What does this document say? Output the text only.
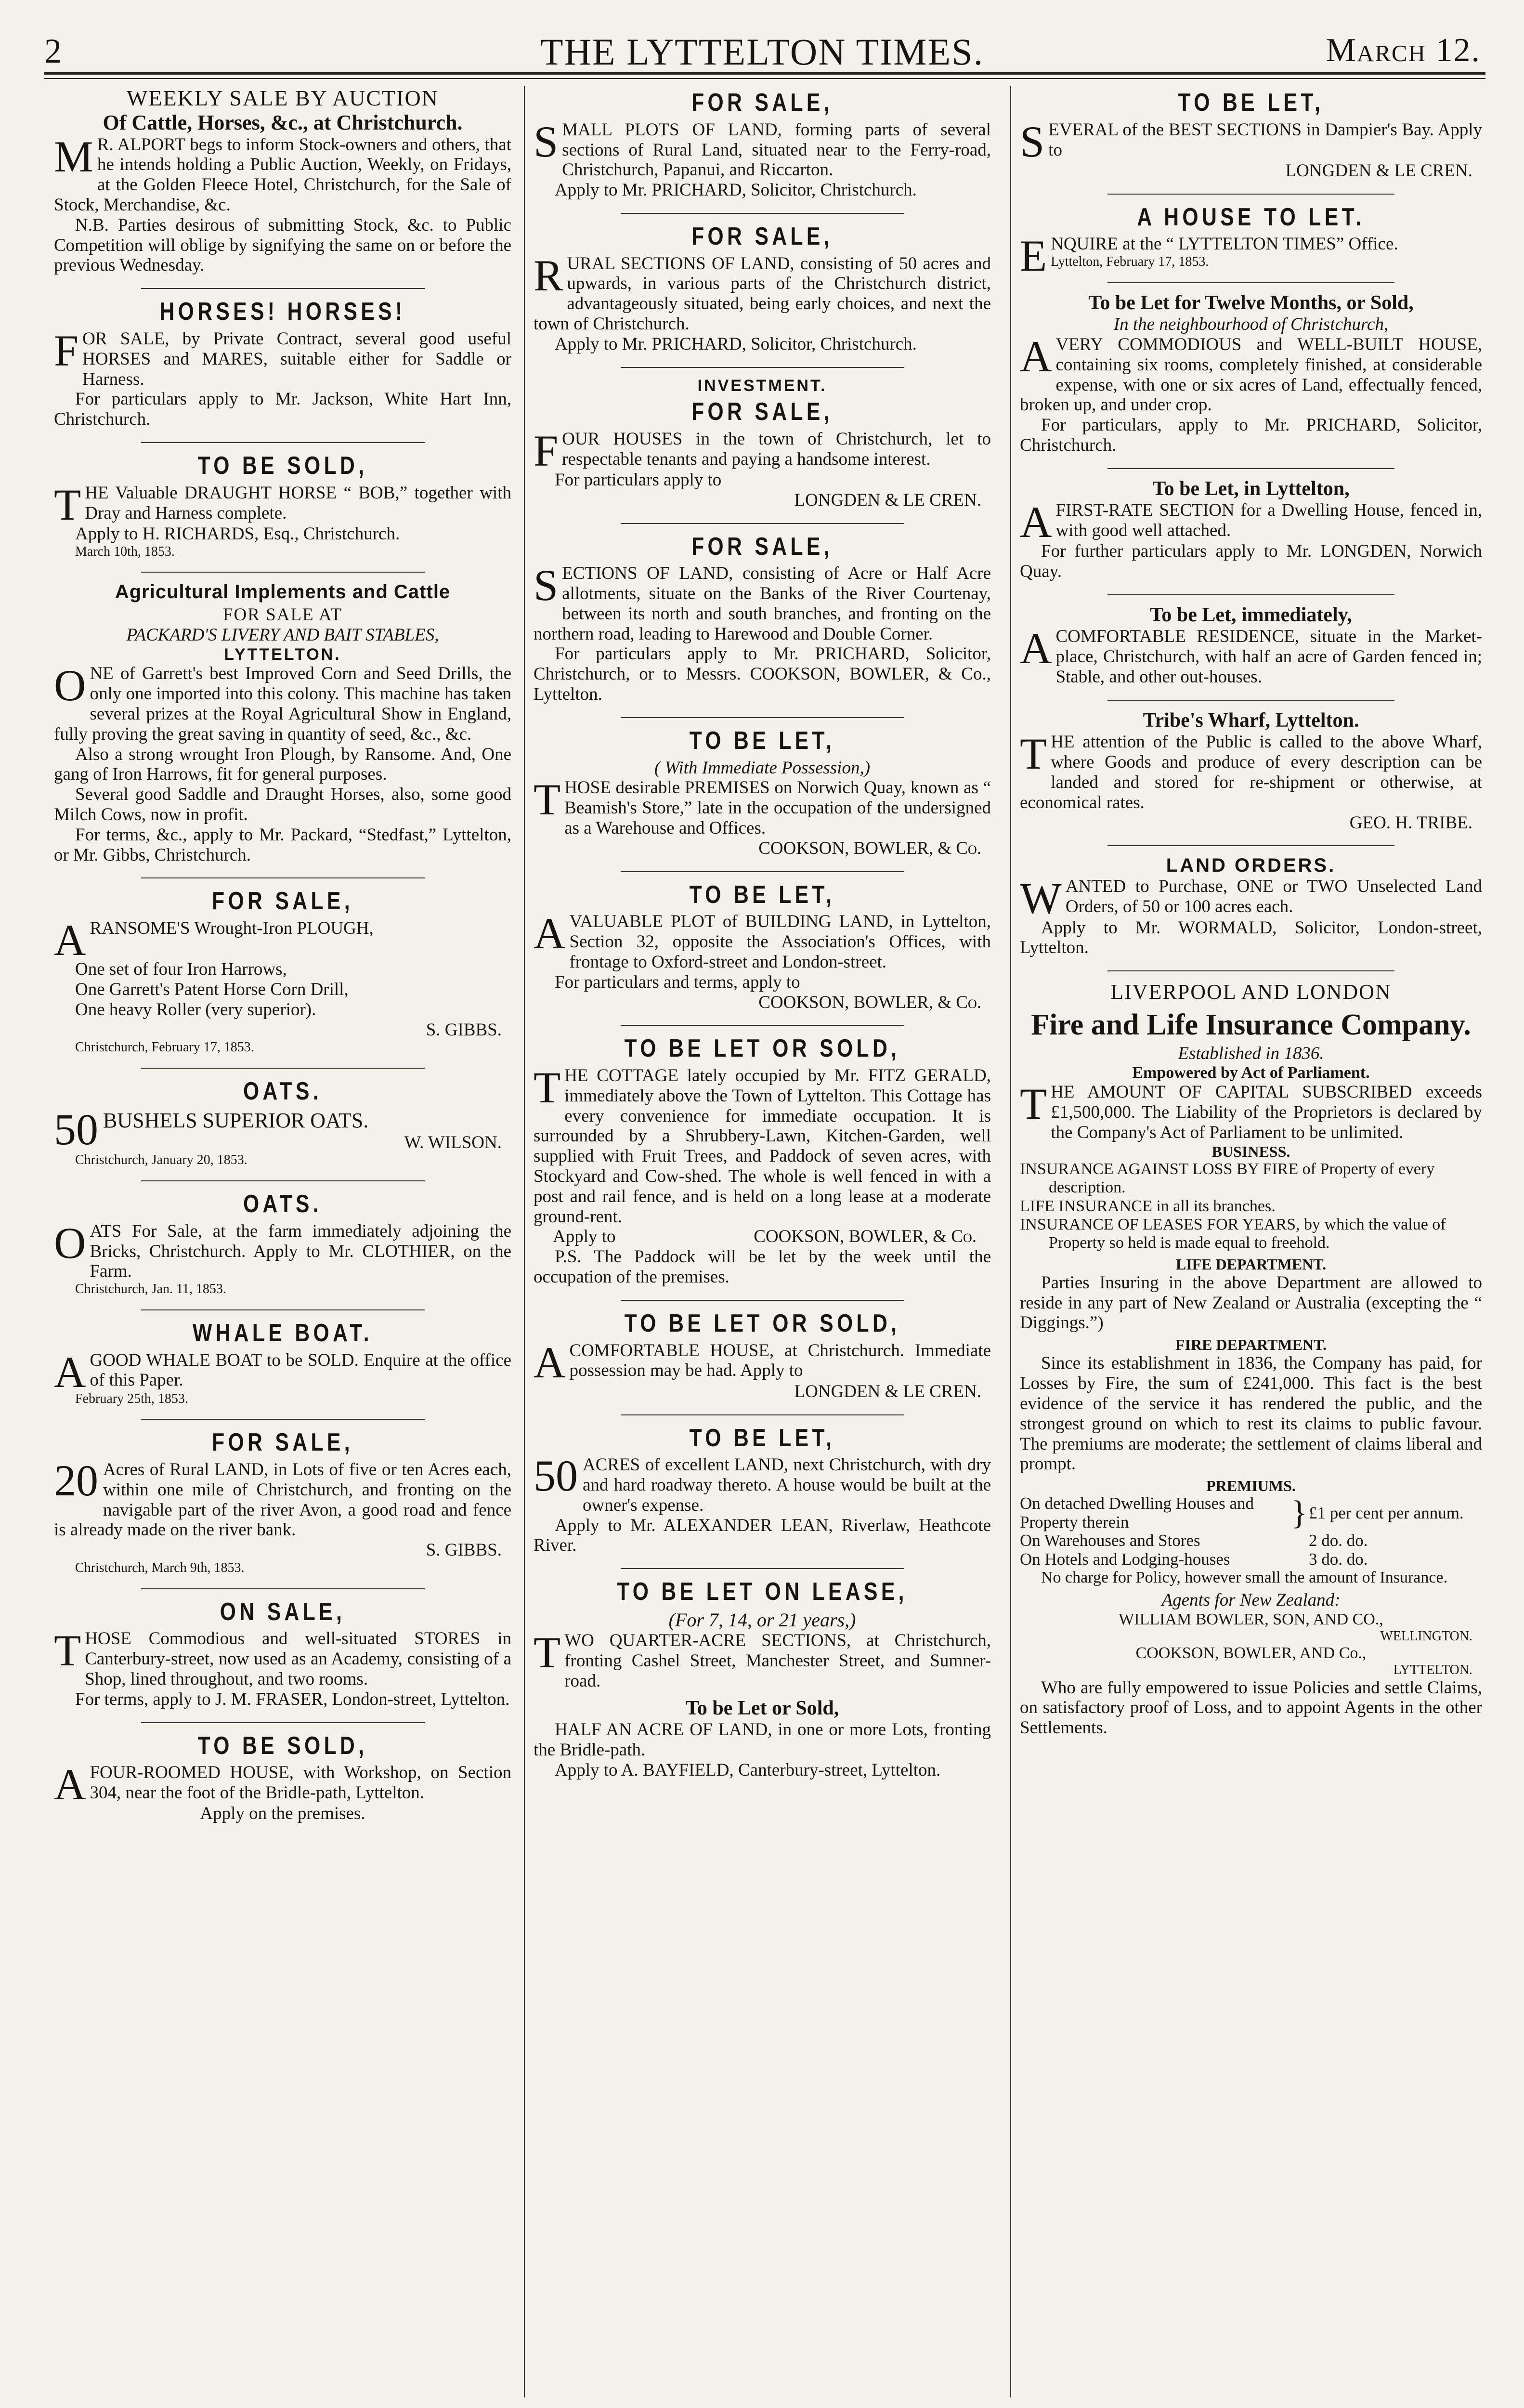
2	THE LYTTELTON TIMES.	March 12.
WEEKLY SALE BY AUCTION
Of Cattle, Horses, &c., at Christchurch.
M R. ALPORT begs to inform Stock-owners and others, that he intends holding a Public Auction, Weekly, on Fridays, at the Golden Fleece Hotel, Christchurch, for the Sale of Stock, Merchandise, &c.

N.B. Parties desirous of submitting Stock, &c. to Public Competition will oblige by signifying the same on or before the previous Wednesday.

HORSES! HORSES!
FOR SALE, by Private Contract, several good useful HORSES and MARES, suitable either for Saddle or Harness.

For particulars apply to Mr. Jackson, White Hart Inn, Christchurch.

TO BE SOLD,
THE Valuable DRAUGHT HORSE “ BOB,” together with Dray and Harness complete.

Apply to H. RICHARDS, Esq., Christchurch.

March 10th, 1853.
Agricultural Implements and Cattle
FOR SALE AT
PACKARD'S LIVERY AND BAIT STABLES,
LYTTELTON.
ONE of Garrett's best Improved Corn and Seed Drills, the only one imported into this colony. This machine has taken several prizes at the Royal Agricultural Show in England, fully proving the great saving in quantity of seed, &c., &c.

Also a strong wrought Iron Plough, by Ransome. And, One gang of Iron Harrows, fit for general purposes.

Several good Saddle and Draught Horses, also, some good Milch Cows, now in profit.

For terms, &c., apply to Mr. Packard, “Stedfast,” Lyttelton, or Mr. Gibbs, Christchurch.

FOR SALE,
ARANSOME'S Wrought-Iron PLOUGH,
One set of four Iron Harrows,
One Garrett's Patent Horse Corn Drill,
One heavy Roller (very superior).
S. GIBBS.
Christchurch, February 17, 1853.
OATS.
50 BUSHELS SUPERIOR OATS.
W. WILSON.
Christchurch, January 20, 1853.
OATS.
OATS For Sale, at the farm immediately adjoining the Bricks, Christchurch. Apply to Mr. CLOTHIER, on the Farm.
Christchurch, Jan. 11, 1853.
WHALE BOAT.
AGOOD WHALE BOAT to be SOLD. Enquire at the office of this Paper.
February 25th, 1853.
FOR SALE,
20 Acres of Rural LAND, in Lots of five or ten Acres each, within one mile of Christchurch, and fronting on the navigable part of the river Avon, a good road and fence is already made on the river bank.
S. GIBBS.
Christchurch, March 9th, 1853.
ON SALE,
THOSE Commodious and well-situated STORES in Canterbury-street, now used as an Academy, consisting of a Shop, lined throughout, and two rooms.

For terms, apply to J. M. FRASER, London-street, Lyttelton.

TO BE SOLD,
AFOUR-ROOMED HOUSE, with Workshop, on Section 304, near the foot of the Bridle-path, Lyttelton.
Apply on the premises.
FOR SALE,
SMALL PLOTS OF LAND, forming parts of several sections of Rural Land, situated near to the Ferry-road, Christchurch, Papanui, and Riccarton.

Apply to Mr. PRICHARD, Solicitor, Christchurch.

FOR SALE,
RURAL SECTIONS OF LAND, consisting of 50 acres and upwards, in various parts of the Christchurch district, advantageously situated, being early choices, and next the town of Christchurch.

Apply to Mr. PRICHARD, Solicitor, Christchurch.

INVESTMENT.
FOR SALE,
FOUR HOUSES in the town of Christchurch, let to respectable tenants and paying a handsome interest.

For particulars apply to

LONGDEN & LE CREN.
FOR SALE,
SECTIONS OF LAND, consisting of Acre or Half Acre allotments, situate on the Banks of the River Courtenay, between its north and south branches, and fronting on the northern road, leading to Harewood and Double Corner.

For particulars apply to Mr. PRICHARD, Solicitor, Christchurch, or to Messrs. COOKSON, BOWLER, & Co., Lyttelton.

TO BE LET,
( With Immediate Possession,)
THOSE desirable PREMISES on Norwich Quay, known as “ Beamish's Store,” late in the occupation of the undersigned as a Warehouse and Offices.
COOKSON, BOWLER, & Co.
TO BE LET,
AVALUABLE PLOT of BUILDING LAND, in Lyttelton, Section 32, opposite the Association's Offices, with frontage to Oxford-street and London-street.

For particulars and terms, apply to

COOKSON, BOWLER, & Co.
TO BE LET OR SOLD,
THE COTTAGE lately occupied by Mr. FITZ GERALD, immediately above the Town of Lyttelton. This Cottage has every convenience for immediate occupation. It is surrounded by a Shrubbery-Lawn, Kitchen-Garden, well supplied with Fruit Trees, and Paddock of seven acres, with Stockyard and Cow-shed. The whole is well fenced in with a post and rail fence, and is held on a long lease at a moderate ground-rent.
Apply to	COOKSON, BOWLER, & Co.

P.S. The Paddock will be let by the week until the occupation of the premises.

TO BE LET OR SOLD,
ACOMFORTABLE HOUSE, at Christchurch. Immediate possession may be had. Apply to
LONGDEN & LE CREN.
TO BE LET,
50 ACRES of excellent LAND, next Christchurch, with dry and hard roadway thereto. A house would be built at the owner's expense.

Apply to Mr. ALEXANDER LEAN, Riverlaw, Heathcote River.

TO BE LET ON LEASE,
(For 7, 14, or 21 years,)
TWO QUARTER-ACRE SECTIONS, at Christchurch, fronting Cashel Street, Manchester Street, and Sumner-road.
To be Let or Sold,

HALF AN ACRE OF LAND, in one or more Lots, fronting the Bridle-path.

Apply to A. BAYFIELD, Canterbury-street, Lyttelton.

TO BE LET,
SEVERAL of the BEST SECTIONS in Dampier's Bay. Apply to
LONGDEN & LE CREN.
A HOUSE TO LET.
ENQUIRE at the “ LYTTELTON TIMES” Office.
Lyttelton, February 17, 1853.
To be Let for Twelve Months, or Sold,
In the neighbourhood of Christchurch,
AVERY COMMODIOUS and WELL-BUILT HOUSE, containing six rooms, completely finished, at considerable expense, with one or six acres of Land, effectually fenced, broken up, and under crop.

For particulars, apply to Mr. PRICHARD, Solicitor, Christchurch.

To be Let, in Lyttelton,
AFIRST-RATE SECTION for a Dwelling House, fenced in, with good well attached.

For further particulars apply to Mr. LONGDEN, Norwich Quay.

To be Let, immediately,
ACOMFORTABLE RESIDENCE, situate in the Market-place, Christchurch, with half an acre of Garden fenced in; Stable, and other out-houses.
Tribe's Wharf, Lyttelton.
THE attention of the Public is called to the above Wharf, where Goods and produce of every description can be landed and stored for re-shipment or otherwise, at economical rates.
GEO. H. TRIBE.
LAND ORDERS.
WANTED to Purchase, ONE or TWO Unselected Land Orders, of 50 or 100 acres each.

Apply to Mr. WORMALD, Solicitor, London-street, Lyttelton.

LIVERPOOL AND LONDON
Fire and Life Insurance Company.
Established in 1836.
Empowered by Act of Parliament.
THE AMOUNT OF CAPITAL SUBSCRIBED exceeds £1,500,000. The Liability of the Proprietors is declared by the Company's Act of Parliament to be unlimited.
BUSINESS.
INSURANCE AGAINST LOSS BY FIRE of Property of every description.
LIFE INSURANCE in all its branches.
INSURANCE OF LEASES FOR YEARS, by which the value of Property so held is made equal to freehold.
LIFE DEPARTMENT.

Parties Insuring in the above Department are allowed to reside in any part of New Zealand or Australia (excepting the “ Diggings.”)

FIRE DEPARTMENT.

Since its establishment in 1836, the Company has paid, for Losses by Fire, the sum of £241,000. This fact is the best evidence of the service it has rendered the public, and the strongest ground on which to rest its claims to public favour. The premiums are moderate; the settlement of claims liberal and prompt.

PREMIUMS.
On detached Dwelling Houses and Property therein	} £1 per cent per annum.
On Warehouses and Stores	2 do. do.
On Hotels and Lodging-houses	3 do. do.

No charge for Policy, however small the amount of Insurance.

Agents for New Zealand:
WILLIAM BOWLER, SON, AND CO.,
WELLINGTON.
COOKSON, BOWLER, AND Co.,
LYTTELTON.

Who are fully empowered to issue Policies and settle Claims, on satisfactory proof of Loss, and to appoint Agents in the other Settlements.
